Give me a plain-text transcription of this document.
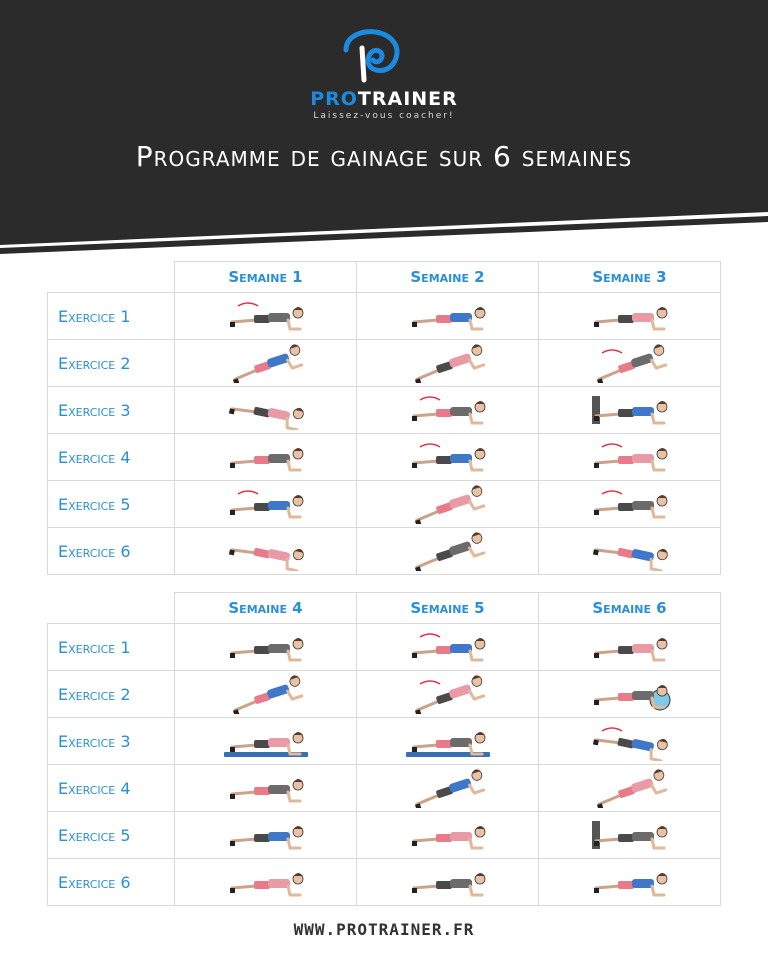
PROTRAINER
Laissez-vous coacher!
Programme de gainage sur 6 semaines
	Semaine 1	Semaine 2	Semaine 3
Exercice 1	

Exercice 2	

Exercice 3	

Exercice 4	

Exercice 5	

Exercice 6	

	Semaine 4	Semaine 5	Semaine 6
Exercice 1	

Exercice 2	

Exercice 3	

Exercice 4	

Exercice 5	

Exercice 6	

WWW.PROTRAINER.FR
